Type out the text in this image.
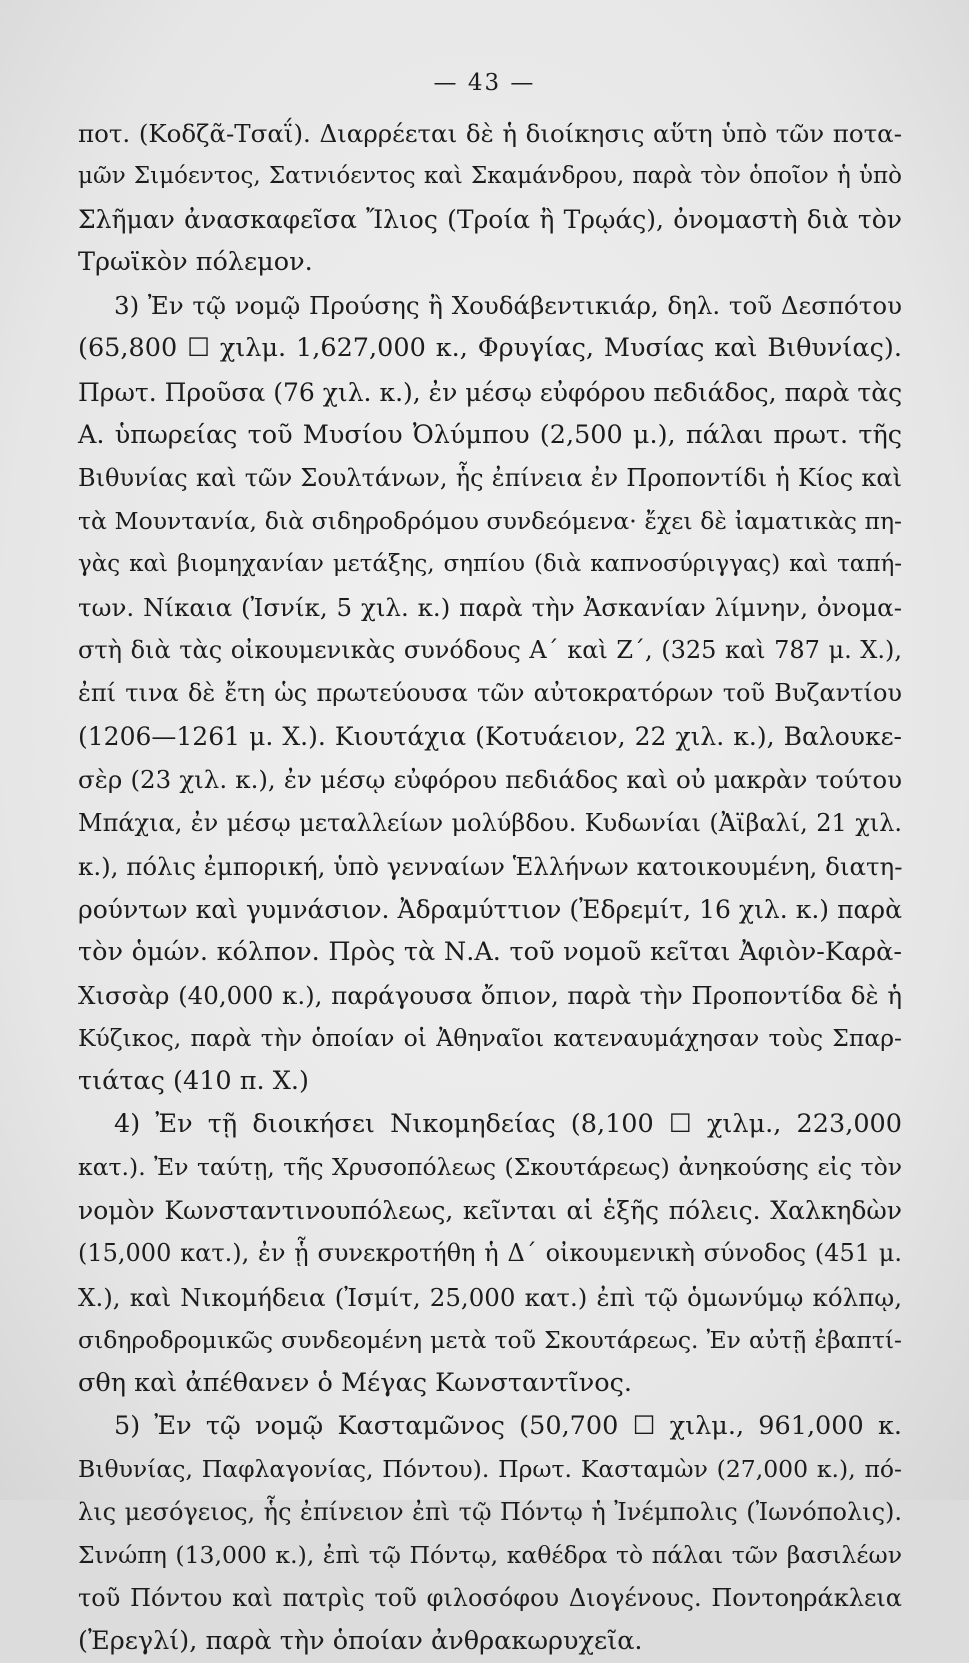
— 43 —
ποτ. (Κοδζᾶ-Τσαΐ). Διαρρέεται δὲ ἡ διοίκησις αὕτη ὑπὸ τῶν ποτα-
μῶν Σιμόεντος, Σατνιόεντος καὶ Σκαμάνδρου, παρὰ τὸν ὁποῖον ἡ ὑπὸ
Σλῆμαν ἀνασκαφεῖσα Ἴλιος (Τροία ἢ Τρῳάς), ὀνομαστὴ διὰ τὸν
Τρωϊκὸν πόλεμον.
3) Ἐν τῷ νομῷ Προύσης ἢ Χουδάβεντικιάρ, δηλ. τοῦ Δεσπότου
(65,800 ☐ χιλμ. 1,627,000 κ., Φρυγίας, Μυσίας καὶ Βιθυνίας).
Πρωτ. Προῦσα (76 χιλ. κ.), ἐν μέσῳ εὐφόρου πεδιάδος, παρὰ τὰς
Α. ὑπωρείας τοῦ Μυσίου Ὀλύμπου (2,500 μ.), πάλαι πρωτ. τῆς
Βιθυνίας καὶ τῶν Σουλτάνων, ἧς ἐπίνεια ἐν Προποντίδι ἡ Κίος καὶ
τὰ Μουντανία, διὰ σιδηροδρόμου συνδεόμενα· ἔχει δὲ ἰαματικὰς πη-
γὰς καὶ βιομηχανίαν μετάξης, σηπίου (διὰ καπνοσύριγγας) καὶ ταπή-
των. Νίκαια (Ἰσνίκ, 5 χιλ. κ.) παρὰ τὴν Ἀσκανίαν λίμνην, ὀνομα-
στὴ διὰ τὰς οἰκουμενικὰς συνόδους Α΄ καὶ Ζ΄, (325 καὶ 787 μ. Χ.),
ἐπί τινα δὲ ἔτη ὡς πρωτεύουσα τῶν αὐτοκρατόρων τοῦ Βυζαντίου
(1206—1261 μ. Χ.). Κιουτάχια (Κοτυάειον, 22 χιλ. κ.), Βαλουκε-
σὲρ (23 χιλ. κ.), ἐν μέσῳ εὐφόρου πεδιάδος καὶ οὐ μακρὰν τούτου
Μπάχια, ἐν μέσῳ μεταλλείων μολύβδου. Κυδωνίαι (Ἀϊβαλί, 21 χιλ.
κ.), πόλις ἐμπορική, ὑπὸ γενναίων Ἑλλήνων κατοικουμένη, διατη-
ρούντων καὶ γυμνάσιον. Ἀδραμύττιον (Ἐδρεμίτ, 16 χιλ. κ.) παρὰ
τὸν ὁμών. κόλπον. Πρὸς τὰ Ν.Α. τοῦ νομοῦ κεῖται Ἀφιὸν-Καρὰ-
Χισσὰρ (40,000 κ.), παράγουσα ὄπιον, παρὰ τὴν Προποντίδα δὲ ἡ
Κύζικος, παρὰ τὴν ὁποίαν οἱ Ἀθηναῖοι κατεναυμάχησαν τοὺς Σπαρ-
τιάτας (410 π. Χ.)
4) Ἐν τῇ διοικήσει Νικομηδείας (8,100 ☐ χιλμ., 223,000
κατ.). Ἐν ταύτῃ, τῆς Χρυσοπόλεως (Σκουτάρεως) ἀνηκούσης εἰς τὸν
νομὸν Κωνσταντινουπόλεως, κεῖνται αἱ ἑξῆς πόλεις. Χαλκηδὼν
(15,000 κατ.), ἐν ᾗ συνεκροτήθη ἡ Δ΄ οἰκουμενικὴ σύνοδος (451 μ.
Χ.), καὶ Νικομήδεια (Ἰσμίτ, 25,000 κατ.) ἐπὶ τῷ ὁμωνύμῳ κόλπῳ,
σιδηροδρομικῶς συνδεομένη μετὰ τοῦ Σκουτάρεως. Ἐν αὐτῇ ἐβαπτί-
σθη καὶ ἀπέθανεν ὁ Μέγας Κωνσταντῖνος.
5) Ἐν τῷ νομῷ Κασταμῶνος (50,700 ☐ χιλμ., 961,000 κ.
Βιθυνίας, Παφλαγονίας, Πόντου). Πρωτ. Κασταμὼν (27,000 κ.), πό-
λις μεσόγειος, ἧς ἐπίνειον ἐπὶ τῷ Πόντῳ ἡ Ἰνέμπολις (Ἰωνόπολις).
Σινώπη (13,000 κ.), ἐπὶ τῷ Πόντῳ, καθέδρα τὸ πάλαι τῶν βασιλέων
τοῦ Πόντου καὶ πατρὶς τοῦ φιλοσόφου Διογένους. Ποντοηράκλεια
(Ἐρεγλί), παρὰ τὴν ὁποίαν ἀνθρακωρυχεῖα.
